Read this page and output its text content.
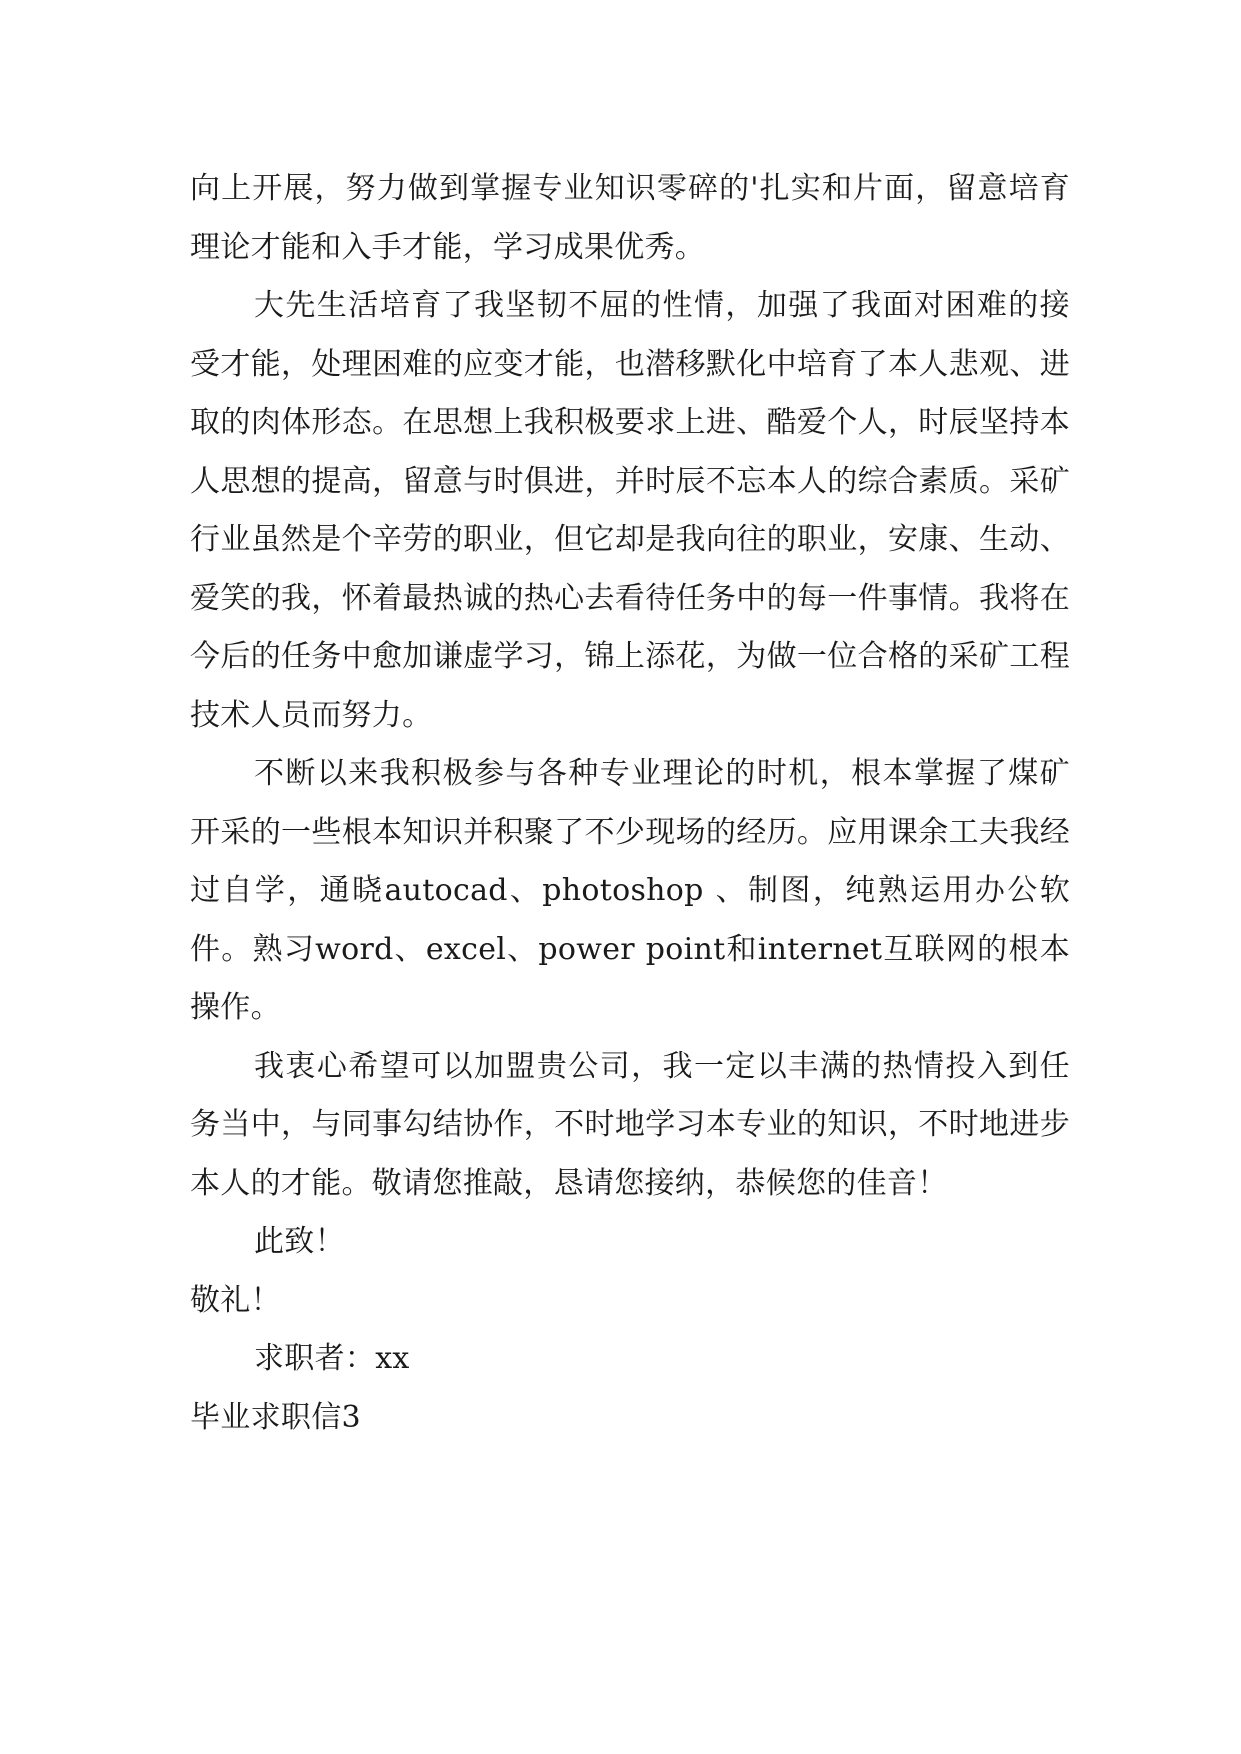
向上开展，努力做到掌握专业知识零碎的'扎实和片面，留意培育理论才能和入手才能，学习成果优秀。

大先生活培育了我坚韧不屈的性情，加强了我面对困难的接受才能，处理困难的应变才能，也潜移默化中培育了本人悲观、进取的肉体形态。在思想上我积极要求上进、酷爱个人，时辰坚持本人思想的提高，留意与时俱进，并时辰不忘本人的综合素质。采矿行业虽然是个辛劳的职业，但它却是我向往的职业，安康、生动、爱笑的我，怀着最热诚的热心去看待任务中的每一件事情。我将在今后的任务中愈加谦虚学习，锦上添花，为做一位合格的采矿工程技术人员而努力。

不断以来我积极参与各种专业理论的时机，根本掌握了煤矿开采的一些根本知识并积聚了不少现场的经历。应用课余工夫我经过自学，通晓autocad、photoshop 、制图，纯熟运用办公软件。熟习word、excel、power point和internet互联网的根本操作。

我衷心希望可以加盟贵公司，我一定以丰满的热情投入到任务当中，与同事勾结协作，不时地学习本专业的知识，不时地进步本人的才能。敬请您推敲，恳请您接纳，恭候您的佳音！

此致！

敬礼！

求职者：xx

毕业求职信3
